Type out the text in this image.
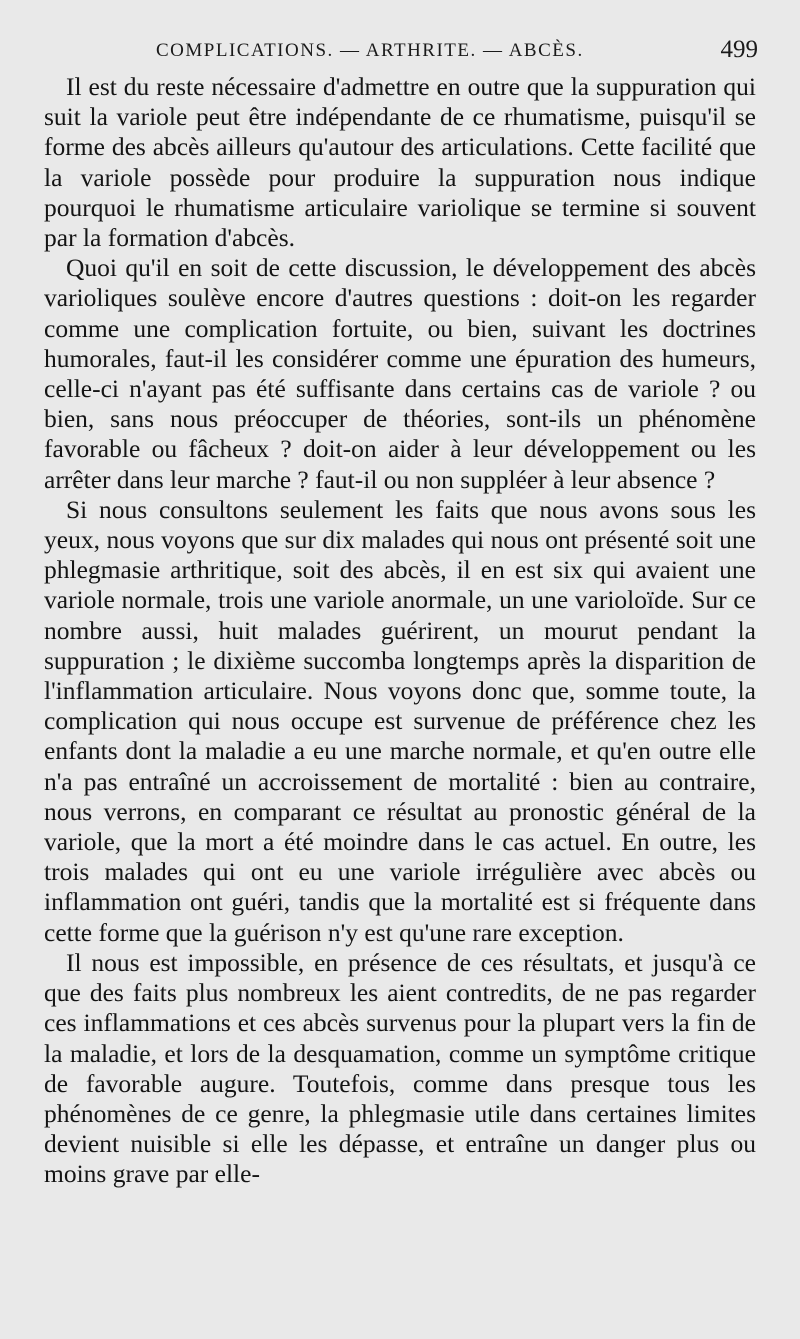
COMPLICATIONS. — ARTHRITE. — ABCÈS.	499

Il est du reste nécessaire d'admettre en outre que la suppuration qui suit la variole peut être indépendante de ce rhumatisme, puisqu'il se forme des abcès ailleurs qu'autour des articulations. Cette facilité que la variole possède pour produire la suppuration nous indique pourquoi le rhumatisme articulaire variolique se termine si souvent par la formation d'abcès.

Quoi qu'il en soit de cette discussion, le développement des abcès varioliques soulève encore d'autres questions : doit-on les regarder comme une complication fortuite, ou bien, suivant les doctrines humorales, faut-il les considérer comme une épuration des humeurs, celle-ci n'ayant pas été suffisante dans certains cas de variole ? ou bien, sans nous préoccuper de théories, sont-ils un phénomène favorable ou fâcheux ? doit-on aider à leur développement ou les arrêter dans leur marche ? faut-il ou non suppléer à leur absence ?

Si nous consultons seulement les faits que nous avons sous les yeux, nous voyons que sur dix malades qui nous ont présenté soit une phlegmasie arthritique, soit des abcès, il en est six qui avaient une variole normale, trois une variole anormale, un une varioloïde. Sur ce nombre aussi, huit malades guérirent, un mourut pendant la suppuration ; le dixième succomba longtemps après la disparition de l'inflammation articulaire. Nous voyons donc que, somme toute, la complication qui nous occupe est survenue de préférence chez les enfants dont la maladie a eu une marche normale, et qu'en outre elle n'a pas entraîné un accroissement de mortalité : bien au contraire, nous verrons, en comparant ce résultat au pronostic général de la variole, que la mort a été moindre dans le cas actuel. En outre, les trois malades qui ont eu une variole irrégulière avec abcès ou inflammation ont guéri, tandis que la mortalité est si fréquente dans cette forme que la guérison n'y est qu'une rare exception.

Il nous est impossible, en présence de ces résultats, et jusqu'à ce que des faits plus nombreux les aient contredits, de ne pas regarder ces inflammations et ces abcès survenus pour la plupart vers la fin de la maladie, et lors de la desquamation, comme un symptôme critique de favorable augure. Toutefois, comme dans presque tous les phénomènes de ce genre, la phlegmasie utile dans certaines limites devient nuisible si elle les dépasse, et entraîne un danger plus ou moins grave par elle-
